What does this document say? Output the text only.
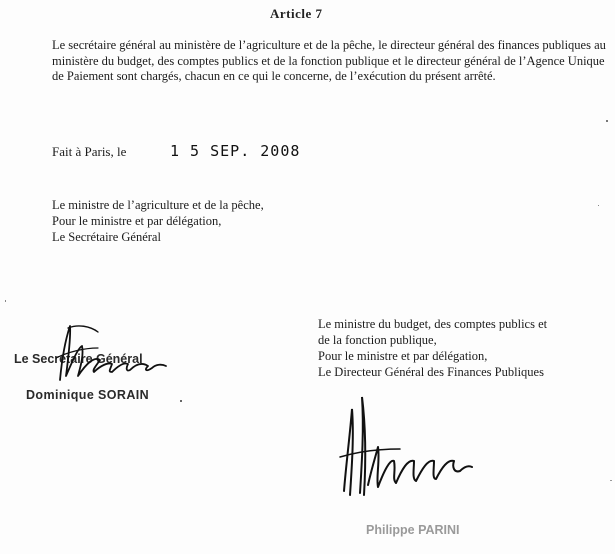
Article 7

Le secrétaire général au ministère de l’agriculture et de la pêche, le directeur général des finances publiques au ministère du budget, des comptes publics et de la fonction publique et le directeur général de l’Agence Unique de Paiement sont chargés, chacun en ce qui le concerne, de l’exécution du présent arrêté.

Fait à Paris, le	1 5 SEP. 2008
Le ministre de l’agriculture et de la pêche,
Pour le ministre et par délégation,
Le Secrétaire Général
Le Secrétaire Général
Dominique SORAIN
Le ministre du budget, des comptes publics et
de la fonction publique,
Pour le ministre et par délégation,
Le Directeur Général des Finances Publiques
Philippe PARINI
